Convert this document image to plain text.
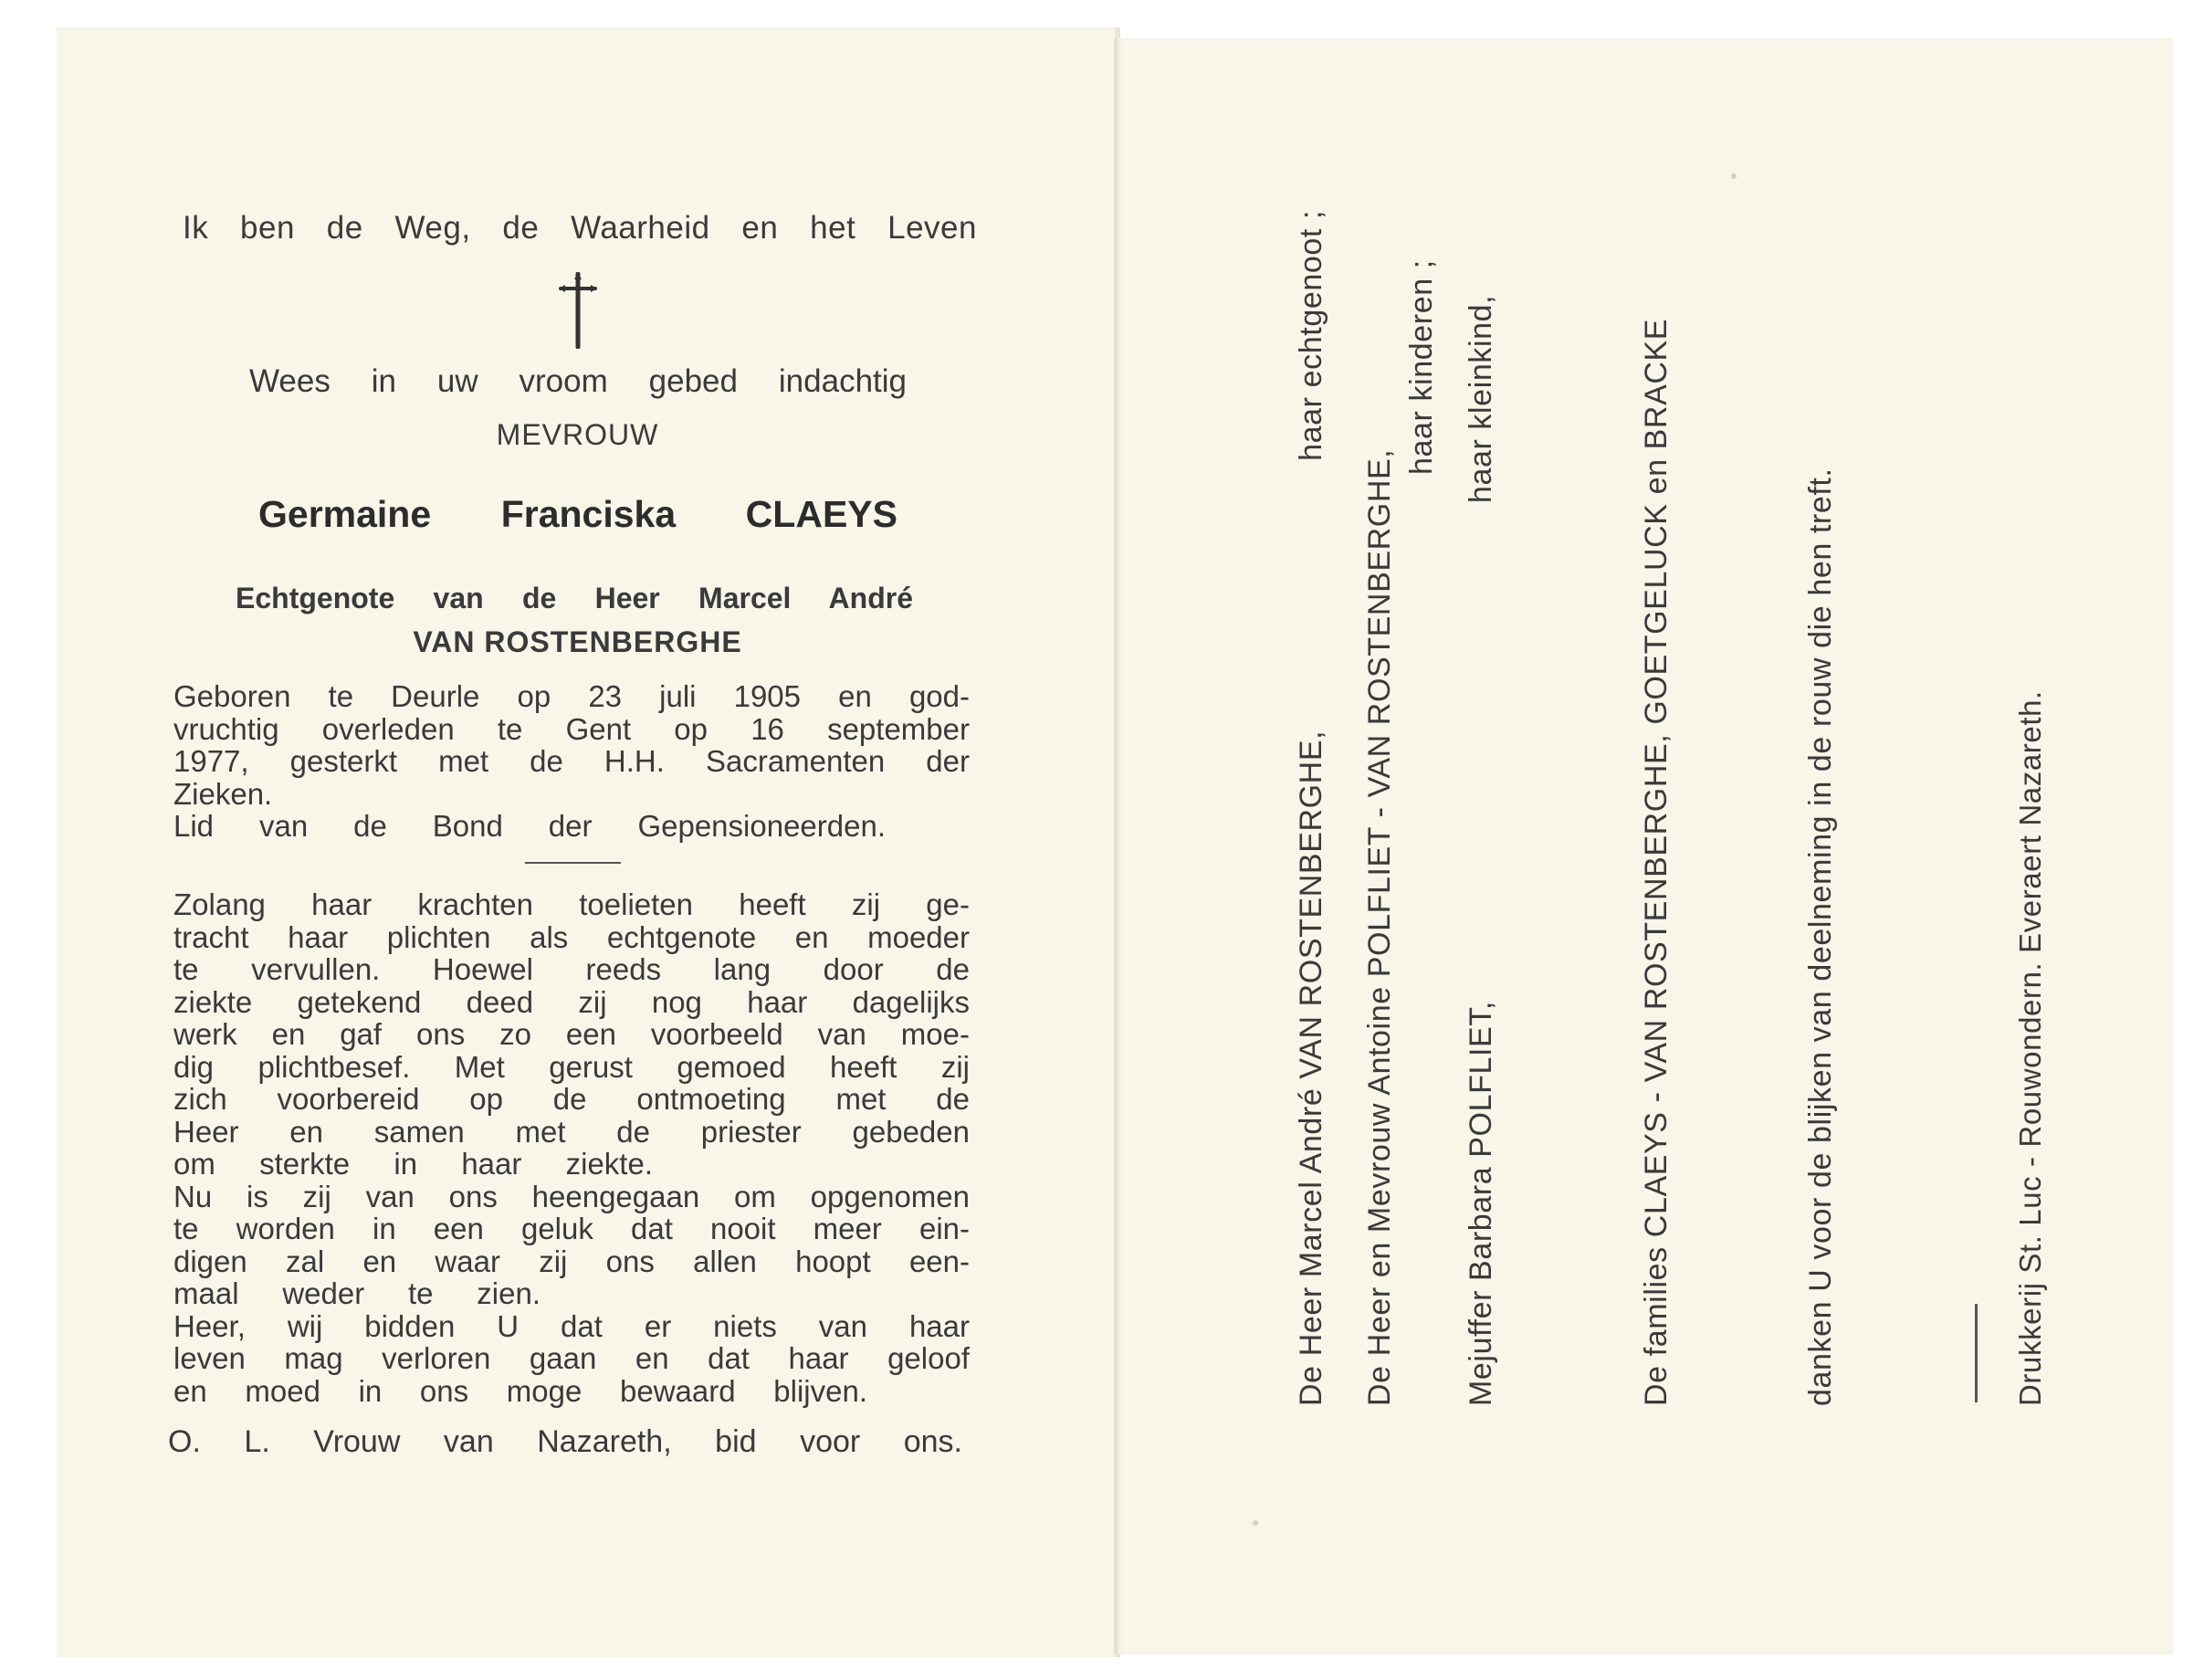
Ik ben de Weg, de Waarheid en het Leven
Wees in uw vroom gebed indachtig
MEVROUW
Germaine Franciska CLAEYS
Echtgenote van de Heer Marcel André
VAN ROSTENBERGHE
Geboren te Deurle op 23 juli 1905 en god-
vruchtig overleden te Gent op 16 september
1977, gesterkt met de H.H. Sacramenten der
Zieken.
Lid van de Bond der Gepensioneerden.
Zolang haar krachten toelieten heeft zij ge-
tracht haar plichten als echtgenote en moeder
te vervullen. Hoewel reeds lang door de
ziekte getekend deed zij nog haar dagelijks
werk en gaf ons zo een voorbeeld van moe-
dig plichtbesef. Met gerust gemoed heeft zij
zich voorbereid op de ontmoeting met de
Heer en samen met de priester gebeden
om sterkte in haar ziekte.
Nu is zij van ons heengegaan om opgenomen
te worden in een geluk dat nooit meer ein-
digen zal en waar zij ons allen hoopt een-
maal weder te zien.
Heer, wij bidden U dat er niets van haar
leven mag verloren gaan en dat haar geloof
en moed in ons moge bewaard blijven.
O. L. Vrouw van Nazareth, bid voor ons.
De Heer Marcel André VAN ROSTENBERGHE,haar echtgenoot ;
De Heer en Mevrouw Antoine POLFLIET - VAN ROSTENBERGHE,
haar kinderen ;
Mejuffer Barbara POLFLIET,haar kleinkind,	De families CLAEYS - VAN ROSTENBERGHE, GOETGELUCK en BRACKE	danken U voor de blijken van deelneming in de rouw die hen treft.	Drukkerij St. Luc - Rouwondern. Everaert Nazareth.
